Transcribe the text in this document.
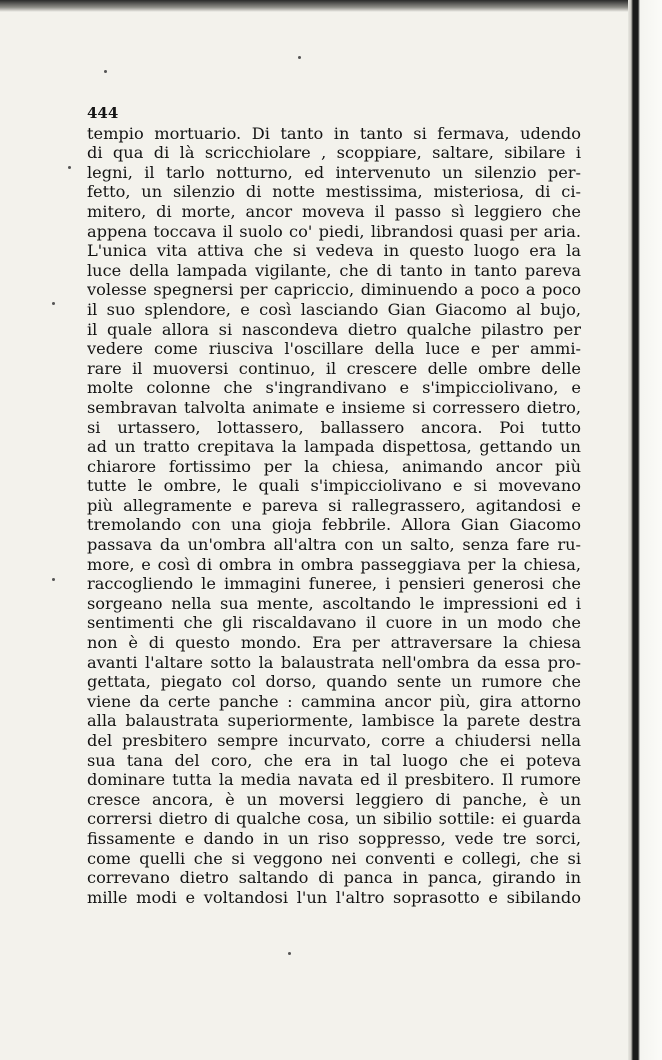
444
tempio mortuario. Di tanto in tanto si fermava, udendo
di qua di là scricchiolare , scoppiare, saltare, sibilare i
legni, il tarlo notturno, ed intervenuto un silenzio per-
fetto, un silenzio di notte mestissima, misteriosa, di ci-
mitero, di morte, ancor moveva il passo sì leggiero che
appena toccava il suolo co' piedi, librandosi quasi per aria.
L'unica vita attiva che si vedeva in questo luogo era la
luce della lampada vigilante, che di tanto in tanto pareva
volesse spegnersi per capriccio, diminuendo a poco a poco
il suo splendore, e così lasciando Gian Giacomo al bujo,
il quale allora si nascondeva dietro qualche pilastro per
vedere come riusciva l'oscillare della luce e per ammi-
rare il muoversi continuo, il crescere delle ombre delle
molte colonne che s'ingrandivano e s'impicciolivano, e
sembravan talvolta animate e insieme si corressero dietro,
si urtassero, lottassero, ballassero ancora. Poi tutto
ad un tratto crepitava la lampada dispettosa, gettando un
chiarore fortissimo per la chiesa, animando ancor più
tutte le ombre, le quali s'impicciolivano e si movevano
più allegramente e pareva si rallegrassero, agitandosi e
tremolando con una gioja febbrile. Allora Gian Giacomo
passava da un'ombra all'altra con un salto, senza fare ru-
more, e così di ombra in ombra passeggiava per la chiesa,
raccogliendo le immagini funeree, i pensieri generosi che
sorgeano nella sua mente, ascoltando le impressioni ed i
sentimenti che gli riscaldavano il cuore in un modo che
non è di questo mondo. Era per attraversare la chiesa
avanti l'altare sotto la balaustrata nell'ombra da essa pro-
gettata, piegato col dorso, quando sente un rumore che
viene da certe panche : cammina ancor più, gira attorno
alla balaustrata superiormente, lambisce la parete destra
del presbitero sempre incurvato, corre a chiudersi nella
sua tana del coro, che era in tal luogo che ei poteva
dominare tutta la media navata ed il presbitero. Il rumore
cresce ancora, è un moversi leggiero di panche, è un
corrersi dietro di qualche cosa, un sibilio sottile: ei guarda
fissamente e dando in un riso soppresso, vede tre sorci,
come quelli che si veggono nei conventi e collegi, che si
correvano dietro saltando di panca in panca, girando in
mille modi e voltandosi l'un l'altro soprasotto e sibilando
